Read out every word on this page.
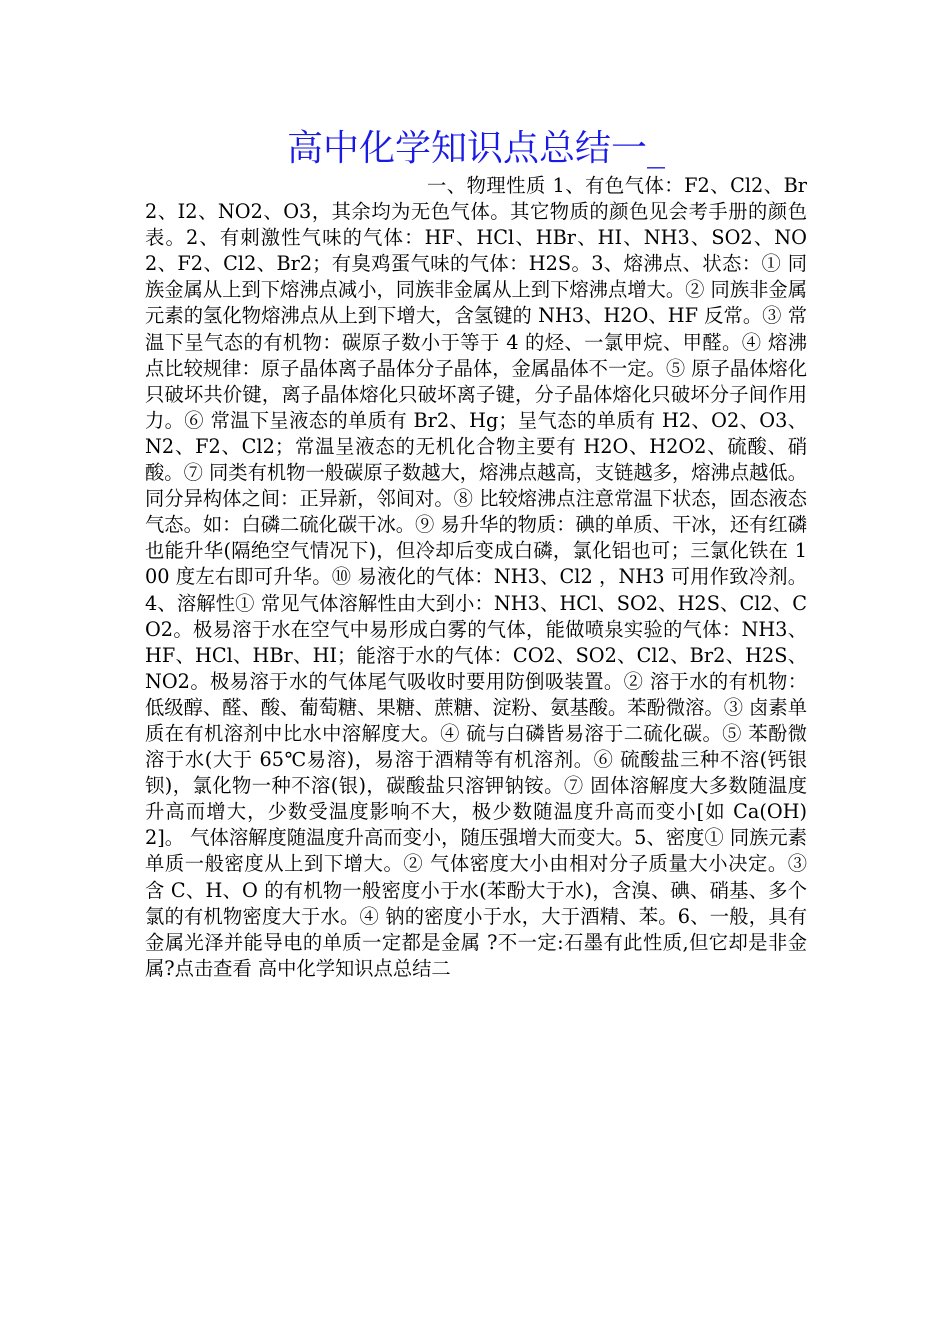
高中化学知识点总结一_

一、物理性质 1、有色气体：F2、Cl2、Br2、I2、NO2、O3，其余均为无色气体。其它物质的颜色见会考手册的颜色表。2、有刺激性气味的气体：HF、HCl、HBr、HI、NH3、SO2、NO2、F2、Cl2、Br2；有臭鸡蛋气味的气体：H2S。3、熔沸点、状态：① 同族金属从上到下熔沸点减小，同族非金属从上到下熔沸点增大。② 同族非金属元素的氢化物熔沸点从上到下增大，含氢键的 NH3、H2O、HF 反常。③ 常温下呈气态的有机物：碳原子数小于等于 4 的烃、一氯甲烷、甲醛。④ 熔沸点比较规律：原子晶体离子晶体分子晶体，金属晶体不一定。⑤ 原子晶体熔化只破坏共价键，离子晶体熔化只破坏离子键，分子晶体熔化只破坏分子间作用力。⑥ 常温下呈液态的单质有 Br2、Hg；呈气态的单质有 H2、O2、O3、N2、F2、Cl2；常温呈液态的无机化合物主要有 H2O、H2O2、硫酸、硝酸。⑦ 同类有机物一般碳原子数越大，熔沸点越高，支链越多，熔沸点越低。同分异构体之间：正异新，邻间对。⑧ 比较熔沸点注意常温下状态，固态液态气态。如：白磷二硫化碳干冰。⑨ 易升华的物质：碘的单质、干冰，还有红磷也能升华(隔绝空气情况下)，但冷却后变成白磷，氯化铝也可；三氯化铁在 100 度左右即可升华。⑩ 易液化的气体：NH3、Cl2 ，NH3 可用作致冷剂。4、溶解性① 常见气体溶解性由大到小：NH3、HCl、SO2、H2S、Cl2、CO2。极易溶于水在空气中易形成白雾的气体，能做喷泉实验的气体：NH3、HF、HCl、HBr、HI；能溶于水的气体：CO2、SO2、Cl2、Br2、H2S、NO2。极易溶于水的气体尾气吸收时要用防倒吸装置。② 溶于水的有机物：低级醇、醛、酸、葡萄糖、果糖、蔗糖、淀粉、氨基酸。苯酚微溶。③ 卤素单质在有机溶剂中比水中溶解度大。④ 硫与白磷皆易溶于二硫化碳。⑤ 苯酚微溶于水(大于 65℃易溶)，易溶于酒精等有机溶剂。⑥ 硫酸盐三种不溶(钙银钡)，氯化物一种不溶(银)，碳酸盐只溶钾钠铵。⑦ 固体溶解度大多数随温度升高而增大，少数受温度影响不大，极少数随温度升高而变小[如 Ca(OH)2]。 气体溶解度随温度升高而变小，随压强增大而变大。5、密度① 同族元素单质一般密度从上到下增大。② 气体密度大小由相对分子质量大小决定。③ 含 C、H、O 的有机物一般密度小于水(苯酚大于水)，含溴、碘、硝基、多个氯的有机物密度大于水。④ 钠的密度小于水，大于酒精、苯。6、一般，具有金属光泽并能导电的单质一定都是金属 ?不一定:石墨有此性质,但它却是非金属?点击查看 高中化学知识点总结二
